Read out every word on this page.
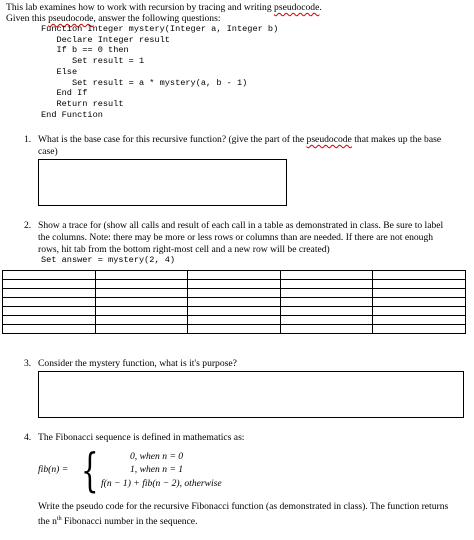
This lab examines how to work with recursion by tracing and writing pseudocode.
Given this pseudocode, answer the following questions:
Function Integer mystery(Integer a, Integer b)
Declare Integer result
If b == 0 then
Set result = 1
Else
Set result = a * mystery(a, b - 1)
End If
Return result
End Function
1. What is the base case for this recursive function? (give the part of the pseudocode that makes up the base case)
2. Show a trace for (show all calls and result of each call in a table as demonstrated in class. Be sure to label the columns. Note: there may be more or less rows or columns than are needed. If there are not enough rows, hit tab from the bottom right-most cell and a new row will be created)
Set answer = mystery(2, 4)

3. Consider the mystery function, what is it's purpose?
4. The Fibonacci sequence is defined in mathematics as:
fib(n) = {	0, when n = 0
1, when n = 1
f(n − 1) + fib(n − 2), otherwise
Write the pseudo code for the recursive Fibonacci function (as demonstrated in class). The function returns the $n^{th}$ Fibonacci number in the sequence.
